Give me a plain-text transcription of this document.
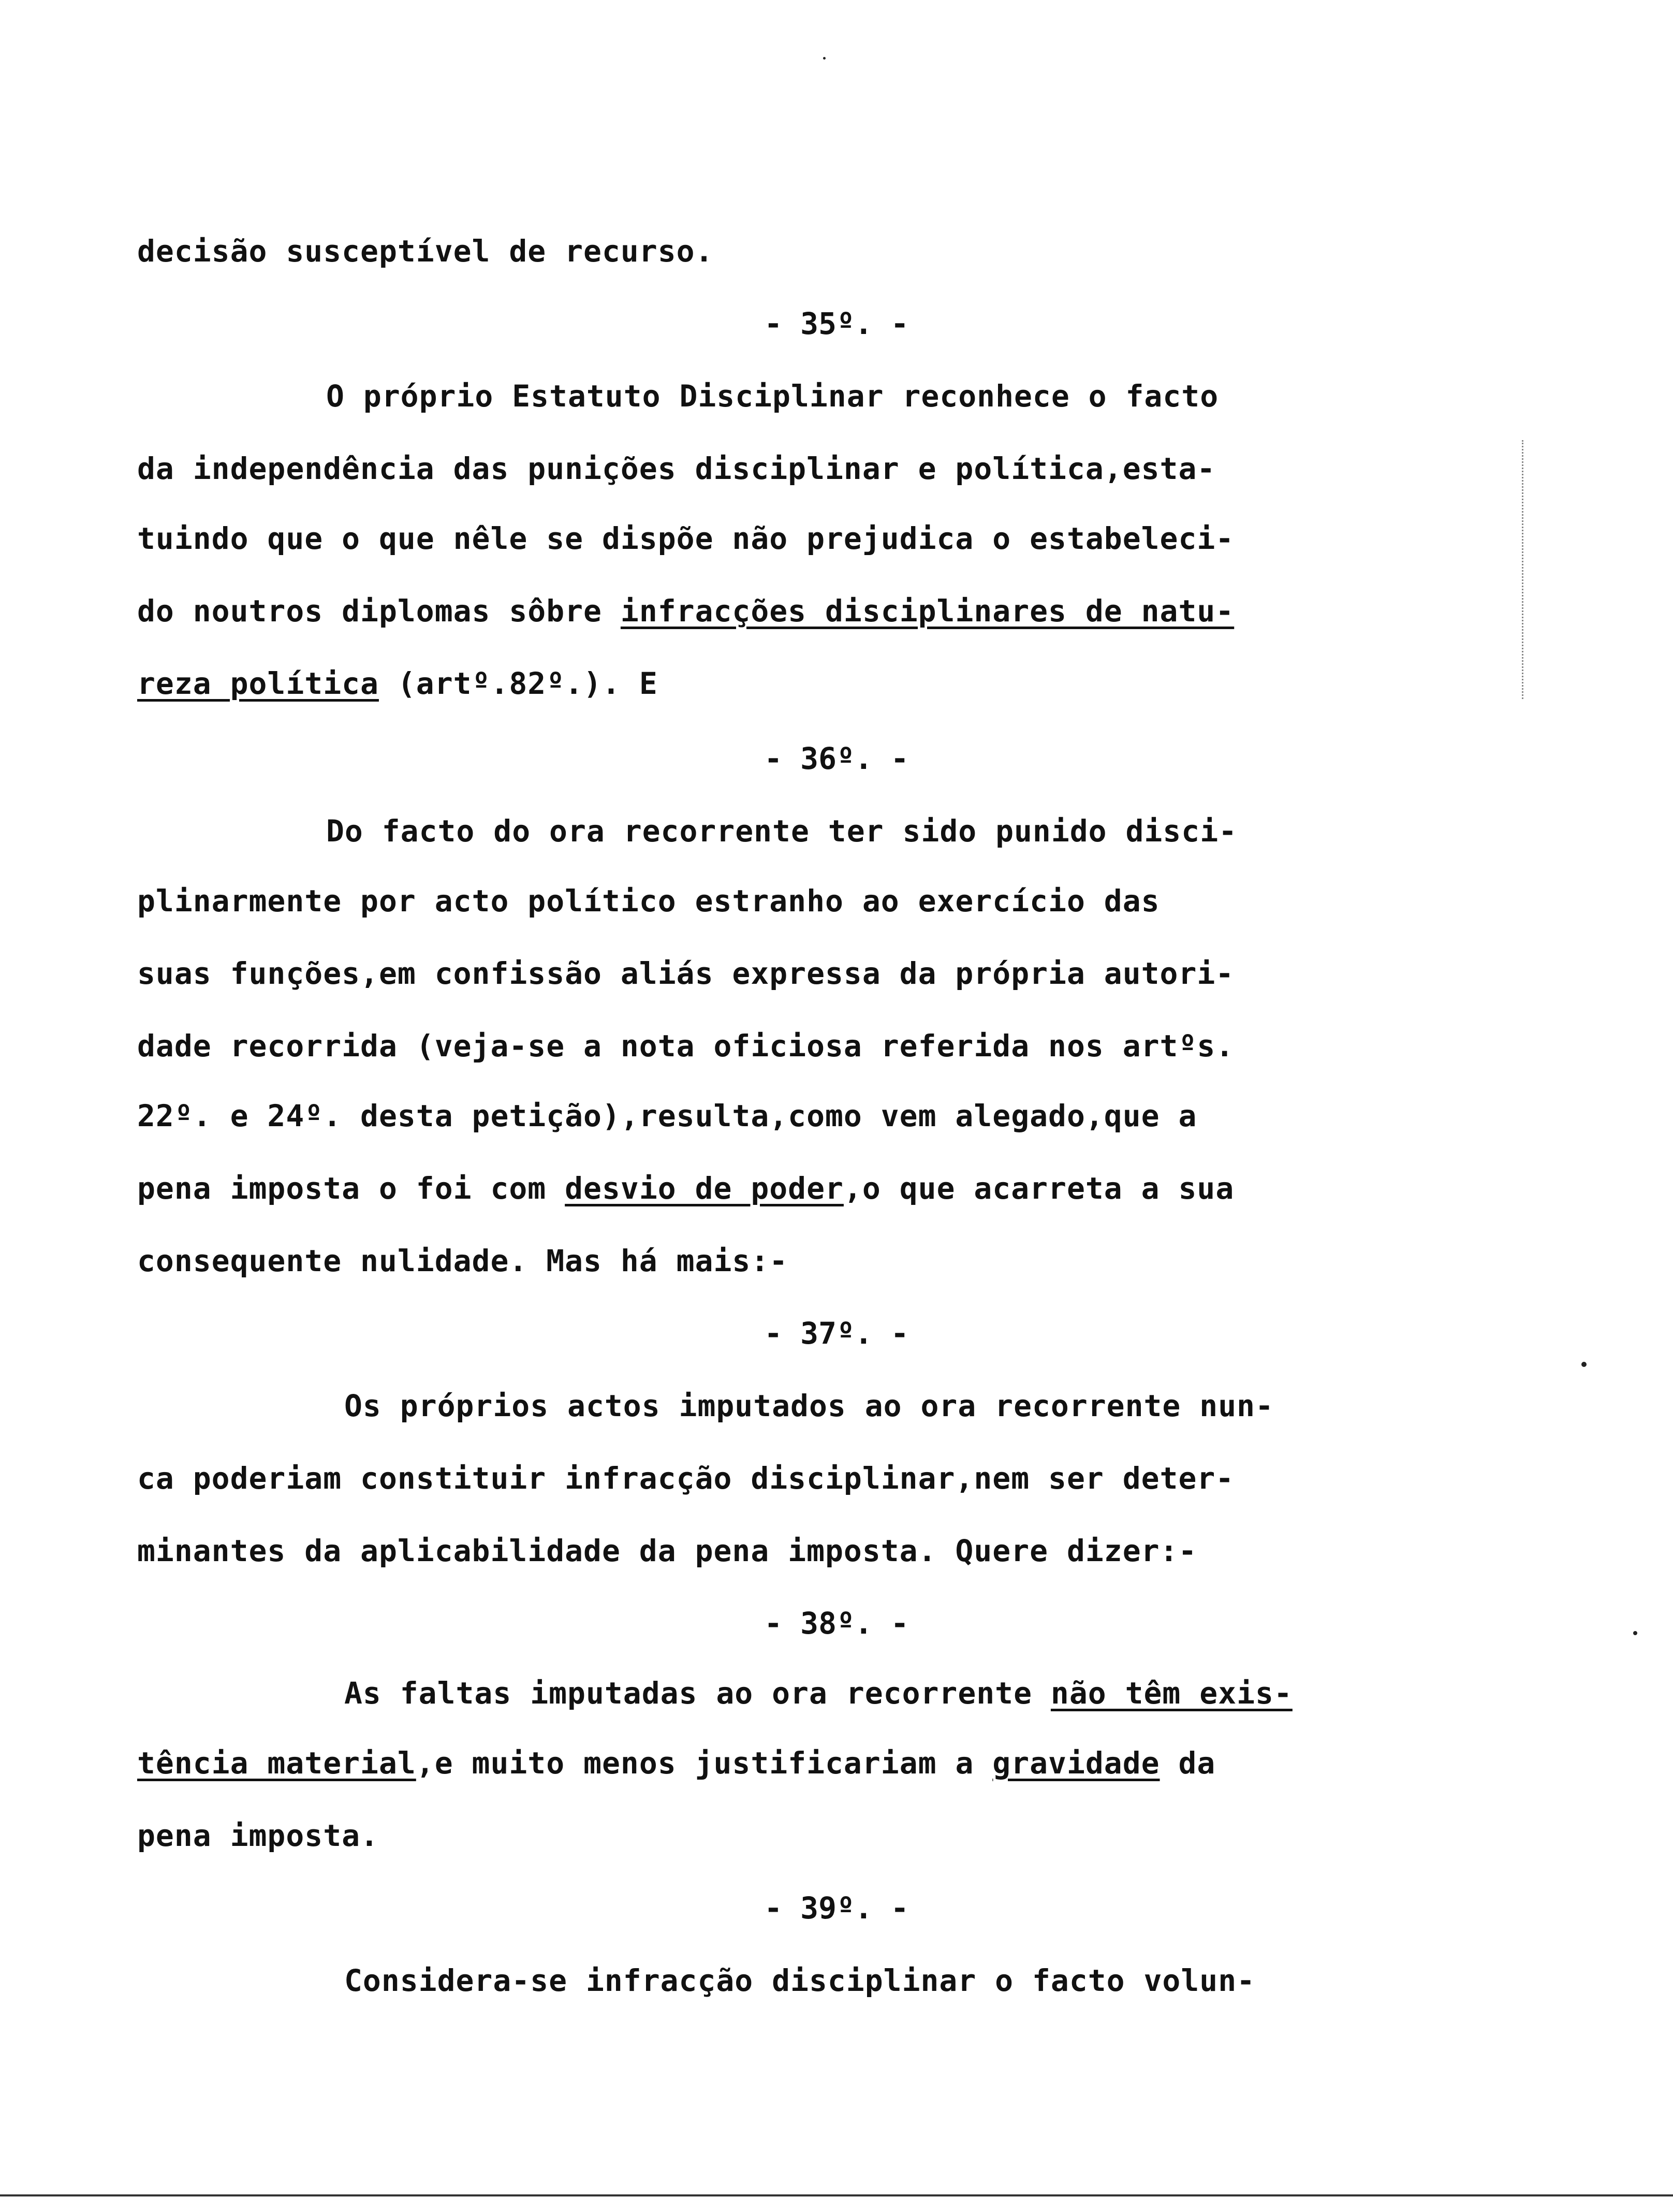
decisão susceptível de recurso.
- 35º. -
O próprio Estatuto Disciplinar reconhece o facto
da independência das punições disciplinar e política,esta-
tuindo que o que nêle se dispõe não prejudica o estabeleci-
do noutros diplomas sôbre infracções disciplinares de natu-
reza política (artº.82º.). E
- 36º. -
Do facto do ora recorrente ter sido punido disci-
plinarmente por acto político estranho ao exercício das
suas funções,em confissão aliás expressa da própria autori-
dade recorrida (veja-se a nota oficiosa referida nos artºs.
22º. e 24º. desta petição),resulta,como vem alegado,que a
pena imposta o foi com desvio de poder,o que acarreta a sua
consequente nulidade. Mas há mais:-
- 37º. -
Os próprios actos imputados ao ora recorrente nun-
ca poderiam constituir infracção disciplinar,nem ser deter-
minantes da aplicabilidade da pena imposta. Quere dizer:-
- 38º. -
As faltas imputadas ao ora recorrente não têm exis-
tência material,e muito menos justificariam a gravidade da
pena imposta.
- 39º. -
Considera-se infracção disciplinar o facto volun-
